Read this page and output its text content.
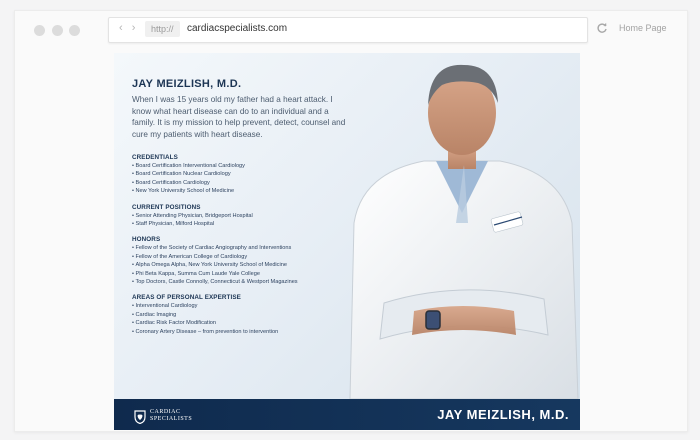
‹ ›	http://	cardiacspecialists.com	Home Page
JAY MEIZLISH, M.D.

When I was 15 years old my father had a heart attack. I know what heart disease can do to an individual and a family. It is my mission to help prevent, detect, counsel and cure my patients with heart disease.

CREDENTIALS
• Board Certification Interventional Cardiology
• Board Certification Nuclear Cardiology
• Board Certification Cardiology
• New York University School of Medicine
CURRENT POSITIONS
• Senior Attending Physician, Bridgeport Hospital
• Staff Physician, Milford Hospital
HONORS
• Fellow of the Society of Cardiac Angiography and Interventions
• Fellow of the American College of Cardiology
• Alpha Omega Alpha, New York University School of Medicine
• Phi Beta Kappa, Summa Cum Laude Yale College
• Top Doctors, Castle Connolly, Connecticut & Westport Magazines
AREAS OF PERSONAL EXPERTISE
• Interventional Cardiology
• Cardiac Imaging
• Cardiac Risk Factor Modification
• Coronary Artery Disease – from prevention to intervention
CARDIAC
SPECIALISTS	JAY MEIZLISH, M.D.
